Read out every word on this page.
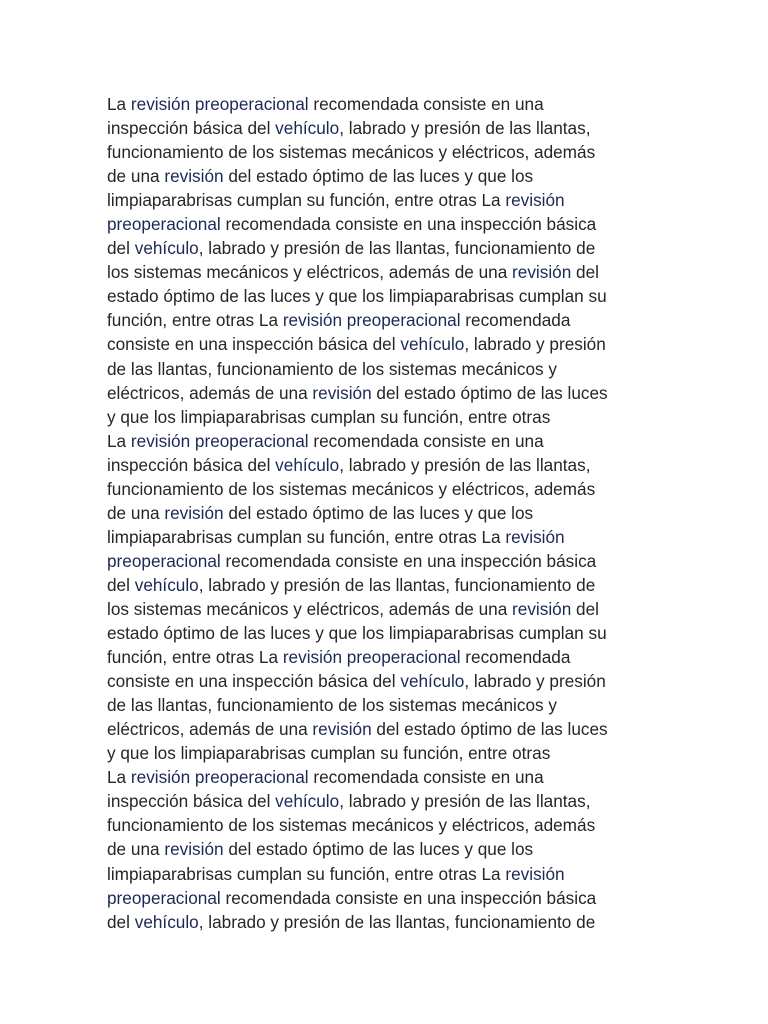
La revisión preoperacional recomendada consiste en una
inspección básica del vehículo, labrado y presión de las llantas,
funcionamiento de los sistemas mecánicos y eléctricos, además
de una revisión del estado óptimo de las luces y que los
limpiaparabrisas cumplan su función, entre otras La revisión
preoperacional recomendada consiste en una inspección básica
del vehículo, labrado y presión de las llantas, funcionamiento de
los sistemas mecánicos y eléctricos, además de una revisión del
estado óptimo de las luces y que los limpiaparabrisas cumplan su
función, entre otras La revisión preoperacional recomendada
consiste en una inspección básica del vehículo, labrado y presión
de las llantas, funcionamiento de los sistemas mecánicos y
eléctricos, además de una revisión del estado óptimo de las luces
y que los limpiaparabrisas cumplan su función, entre otras
La revisión preoperacional recomendada consiste en una
inspección básica del vehículo, labrado y presión de las llantas,
funcionamiento de los sistemas mecánicos y eléctricos, además
de una revisión del estado óptimo de las luces y que los
limpiaparabrisas cumplan su función, entre otras La revisión
preoperacional recomendada consiste en una inspección básica
del vehículo, labrado y presión de las llantas, funcionamiento de
los sistemas mecánicos y eléctricos, además de una revisión del
estado óptimo de las luces y que los limpiaparabrisas cumplan su
función, entre otras La revisión preoperacional recomendada
consiste en una inspección básica del vehículo, labrado y presión
de las llantas, funcionamiento de los sistemas mecánicos y
eléctricos, además de una revisión del estado óptimo de las luces
y que los limpiaparabrisas cumplan su función, entre otras
La revisión preoperacional recomendada consiste en una
inspección básica del vehículo, labrado y presión de las llantas,
funcionamiento de los sistemas mecánicos y eléctricos, además
de una revisión del estado óptimo de las luces y que los
limpiaparabrisas cumplan su función, entre otras La revisión
preoperacional recomendada consiste en una inspección básica
del vehículo, labrado y presión de las llantas, funcionamiento de
